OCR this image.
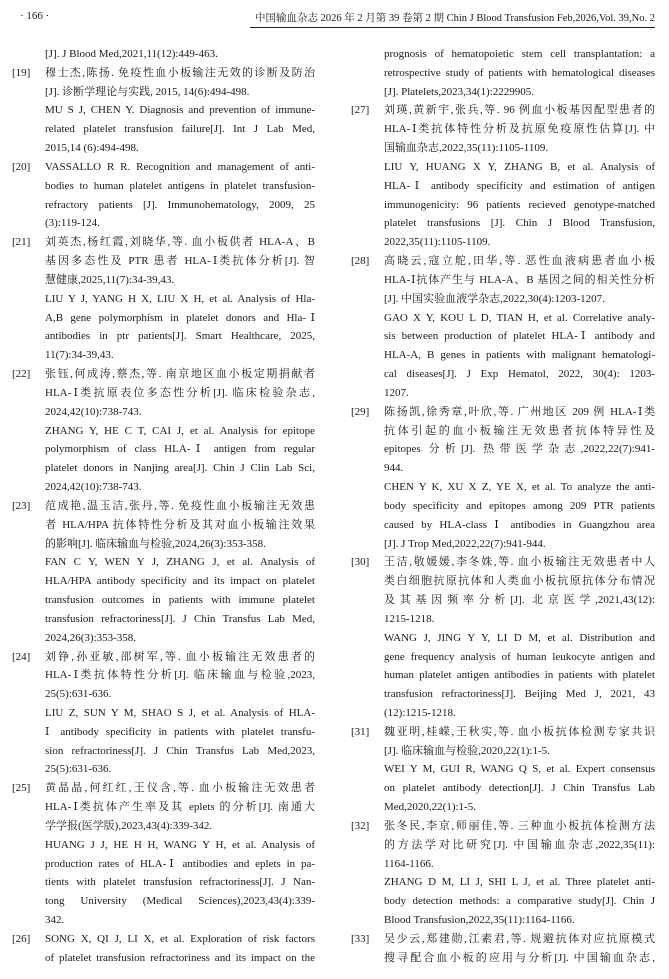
· 166 ·	中国输血杂志 2026 年 2 月第 39 卷第 2 期 Chin J Blood Transfusion Feb,2026,Vol. 39,No. 2
[J]. J Blood Med,2021,11(12):449-463.
[19] 穆士杰,陈扬. 免疫性血小板输注无效的诊断及防治
[J]. 诊断学理论与实践, 2015, 14(6):494-498.
MU S J, CHEN Y. Diagnosis and prevention of immune-
related platelet transfusion failure[J]. Int J Lab Med,
2015,14 (6):494-498.
[20] VASSALLO R R. Recognition and management of anti-
bodies to human platelet antigens in platelet transfusion-
refractory patients [J]. Immunohematology, 2009, 25
(3):119-124.
[21] 刘英杰,杨红霞,刘晓华,等. 血小板供者 HLA-A、B
基因多态性及 PTR 患者 HLA-Ⅰ类抗体分析[J]. 智
慧健康,2025,11(7):34-39,43.
LIU Y J, YANG H X, LIU X H, et al. Analysis of Hla-
A,B gene polymorphism in platelet donors and Hla-Ⅰ
antibodies in ptr patients[J]. Smart Healthcare, 2025,
11(7):34-39,43.
[22] 张钰,何成涛,蔡杰,等. 南京地区血小板定期捐献者
HLA-Ⅰ类抗原表位多态性分析[J]. 临床检验杂志,
2024,42(10):738-743.
ZHANG Y, HE C T, CAI J, et al. Analysis for epitope
polymorphism of class HLA-Ⅰ antigen from regular
platelet donors in Nanjing area[J]. Chin J Clin Lab Sci,
2024,42(10):738-743.
[23] 范成艳,温玉洁,张丹,等. 免疫性血小板输注无效患
者 HLA/HPA 抗体特性分析及其对血小板输注效果
的影响[J]. 临床输血与检验,2024,26(3):353-358.
FAN C Y, WEN Y J, ZHANG J, et al. Analysis of
HLA/HPA antibody specificity and its impact on platelet
transfusion outcomes in patients with immune platelet
transfusion refractoriness[J]. J Chin Transfus Lab Med,
2024,26(3):353-358.
[24] 刘铮,孙亚敏,邵树军,等. 血小板输注无效患者的
HLA-Ⅰ类抗体特性分析[J]. 临床输血与检验,2023,
25(5):631-636.
LIU Z, SUN Y M, SHAO S J, et al. Analysis of HLA-
Ⅰ antibody specificity in patients with platelet transfu-
sion refractoriness[J]. J Chin Transfus Lab Med,2023,
25(5):631-636.
[25] 黄晶晶,何红红,王仪含,等. 血小板输注无效患者
HLA-Ⅰ类抗体产生率及其 eplets 的分析[J]. 南通大
学学报(医学版),2023,43(4):339-342.
HUANG J J, HE H H, WANG Y H, et al. Analysis of
production rates of HLA-Ⅰ antibodies and eplets in pa-
tients with platelet transfusion refractoriness[J]. J Nan-
tong University (Medical Sciences),2023,43(4):339-
342.
[26] SONG X, QI J, LI X, et al. Exploration of risk factors
of platelet transfusion refractoriness and its impact on the
prognosis of hematopoietic stem cell transplantation: a
retrospective study of patients with hematological diseases
[J]. Platelets,2023,34(1):2229905.
[27] 刘瑛,黄新宇,张兵,等. 96 例血小板基因配型患者的
HLA-Ⅰ类抗体特性分析及抗原免疫原性估算[J]. 中
国输血杂志,2022,35(11):1105-1109.
LIU Y, HUANG X Y, ZHANG B, et al. Analysis of
HLA-Ⅰ antibody specificity and estimation of antigen
immunogenicity: 96 patients recieved genotype-matched
platelet transfusions [J]. Chin J Blood Transfusion,
2022,35(11):1105-1109.
[28] 高晓云,寇立舵,田华,等. 恶性血液病患者血小板
HLA-Ⅰ抗体产生与 HLA-A、B 基因之间的相关性分析
[J]. 中国实验血液学杂志,2022,30(4):1203-1207.
GAO X Y, KOU L D, TIAN H, et al. Correlative analy-
sis between production of platelet HLA-Ⅰ antibody and
HLA-A, B genes in patients with malignant hematologi-
cal diseases[J]. J Exp Hematol, 2022, 30(4): 1203-
1207.
[29] 陈扬凯,徐秀章,叶欣,等. 广州地区 209 例 HLA-Ⅰ类
抗体引起的血小板输注无效患者抗体特异性及
epitopes 分析[J]. 热带医学杂志,2022,22(7):941-
944.
CHEN Y K, XU X Z, YE X, et al. To analyze the anti-
body specificity and epitopes among 209 PTR patients
caused by HLA-class Ⅰ antibodies in Guangzhou area
[J]. J Trop Med,2022,22(7):941-944.
[30] 王洁,敬媛媛,李冬姝,等. 血小板输注无效患者中人
类白细胞抗原抗体和人类血小板抗原抗体分布情况
及其基因频率分析[J]. 北京医学,2021,43(12):
1215-1218.
WANG J, JING Y Y, LI D M, et al. Distribution and
gene frequency analysis of human leukocyte antigen and
human platelet antigen antibodies in patients with platelet
transfusion refractoriness[J]. Beijing Med J, 2021, 43
(12):1215-1218.
[31] 魏亚明,桂嵘,王秋实,等. 血小板抗体检测专家共识
[J]. 临床输血与检验,2020,22(1):1-5.
WEI Y M, GUI R, WANG Q S, et al. Expert consensus
on platelet antibody detection[J]. J Chin Transfus Lab
Med,2020,22(1):1-5.
[32] 张冬民,李京,师丽佳,等. 三种血小板抗体检测方法
的方法学对比研究[J]. 中国输血杂志,2022,35(11):
1164-1166.
ZHANG D M, LI J, SHI L J, et al. Three platelet anti-
body detection methods: a comparative study[J]. Chin J
Blood Transfusion,2022,35(11):1164-1166.
[33] 吴少云,郑建勋,江素君,等. 规避抗体对应抗原模式
搜寻配合血小板的应用与分析[J]. 中国输血杂志,
